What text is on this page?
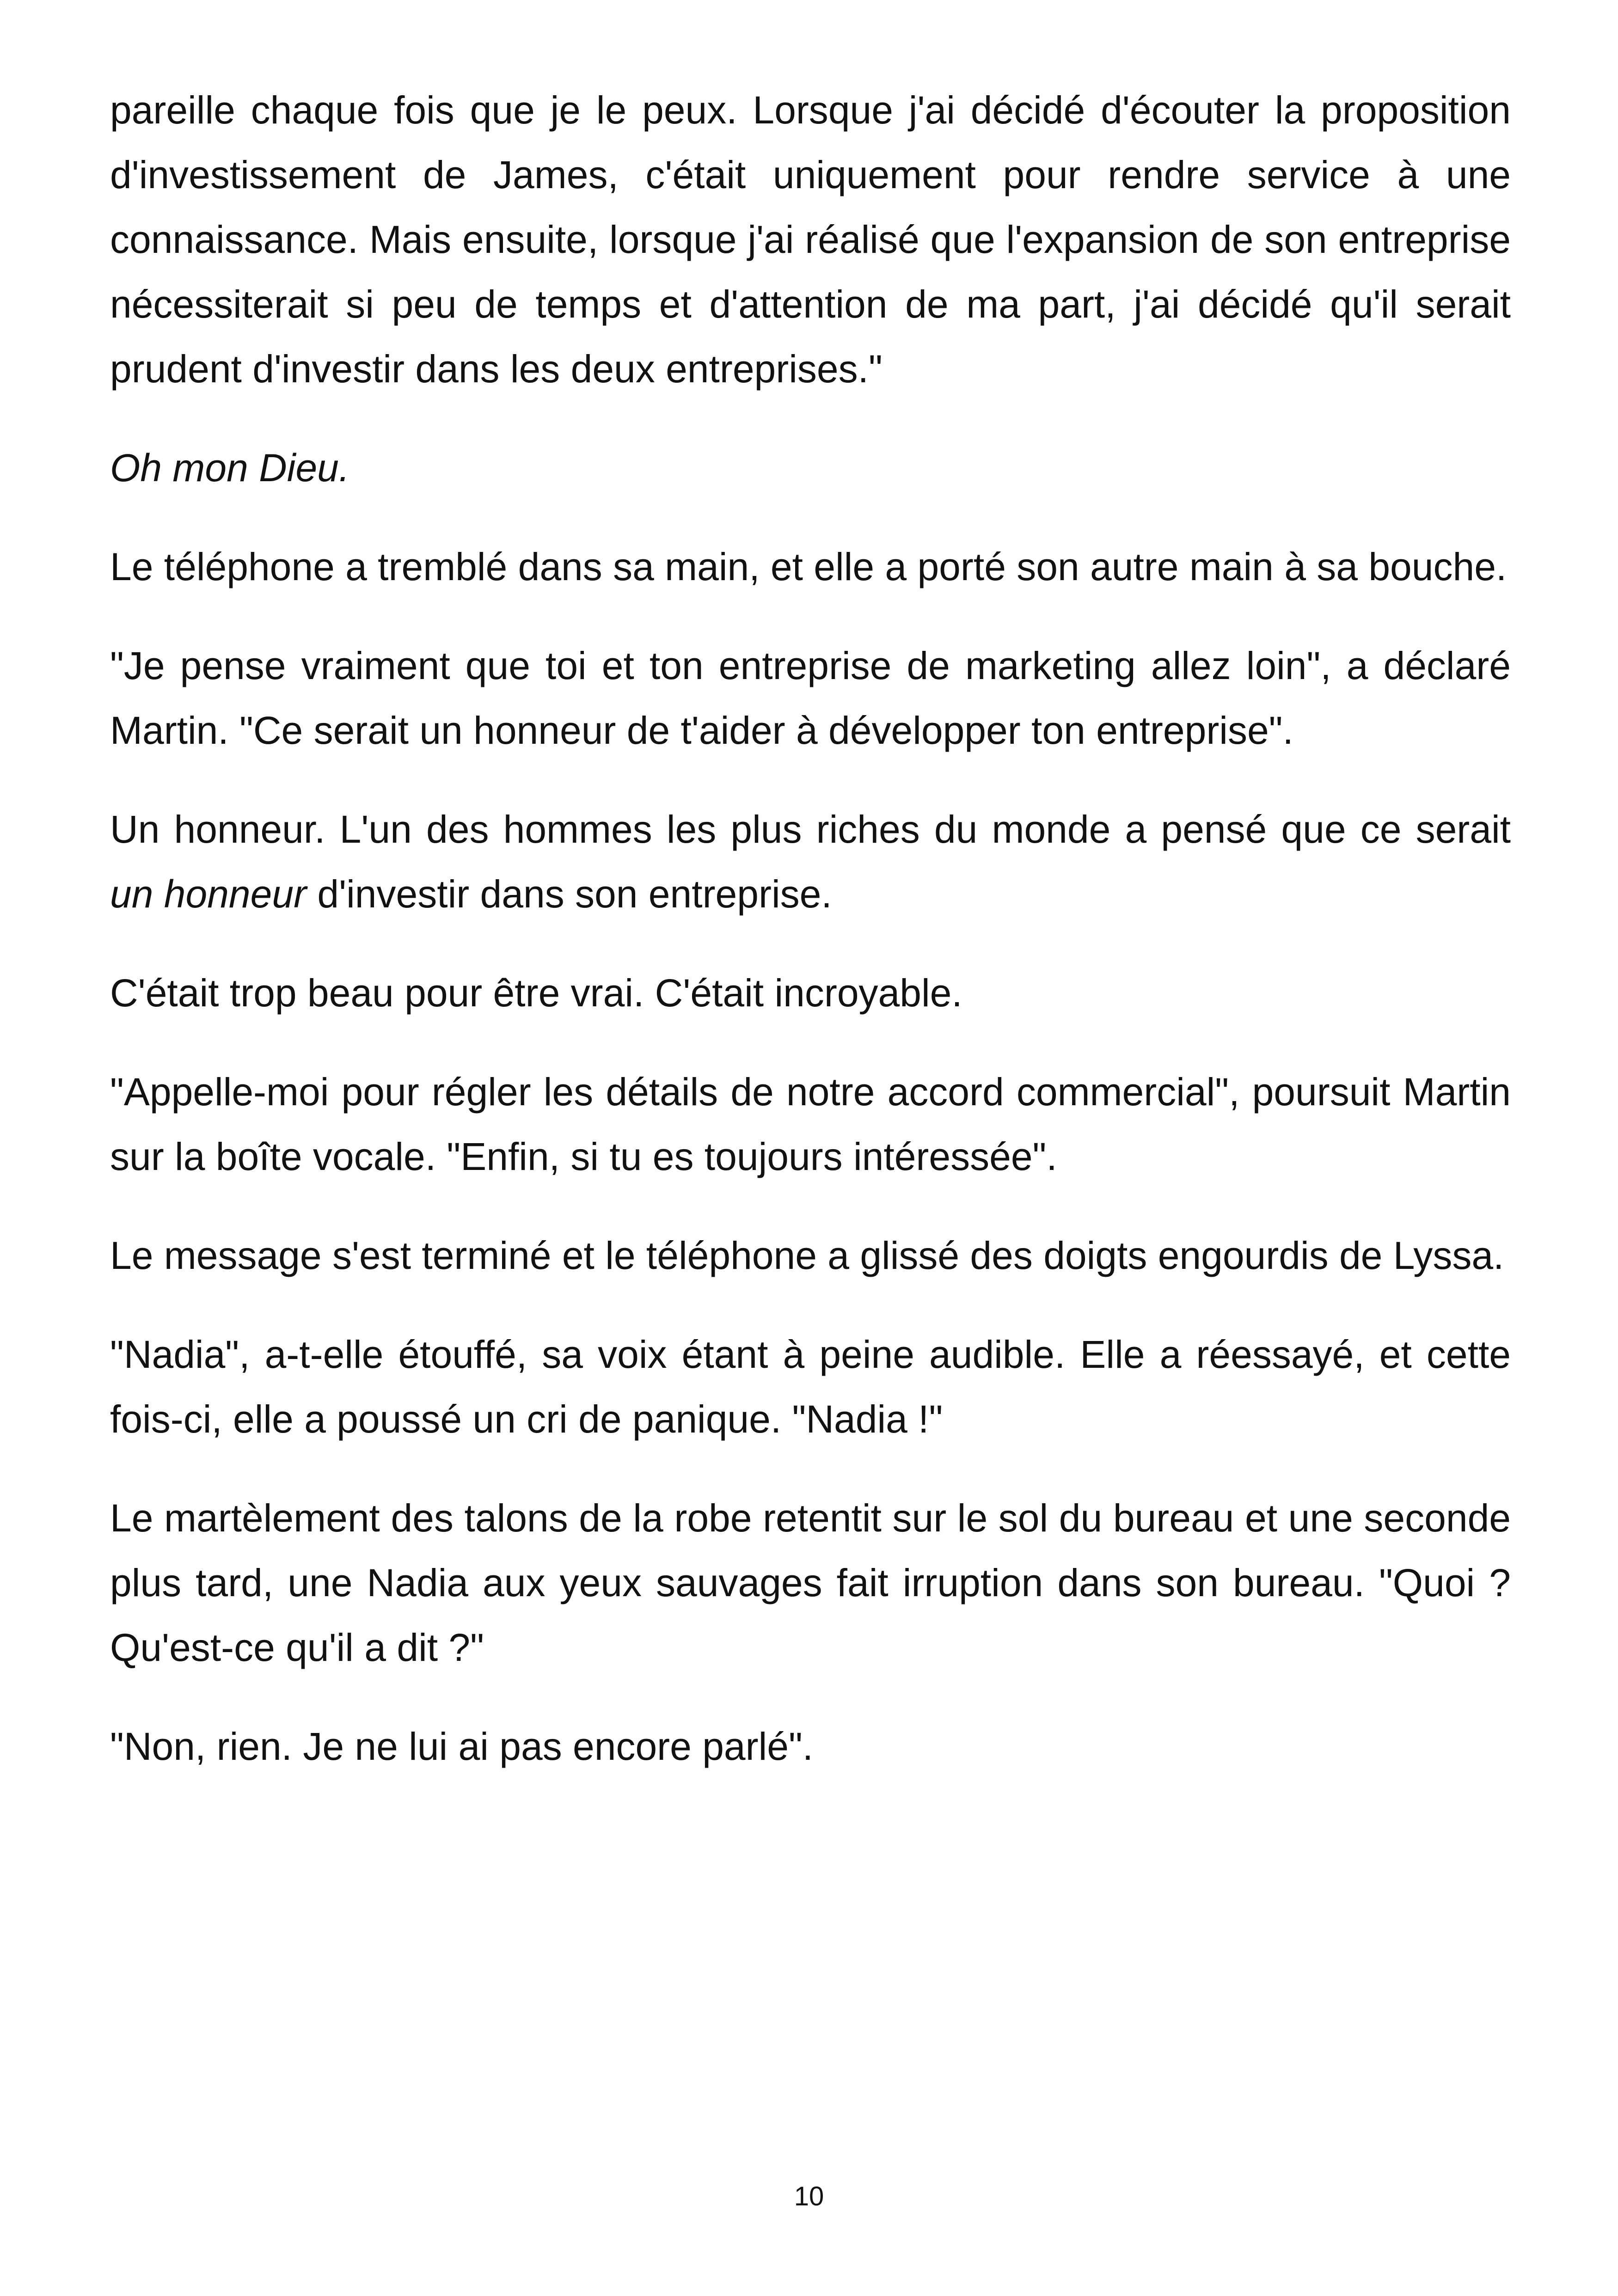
pareille chaque fois que je le peux. Lorsque j'ai décidé d'écouter la proposition d'investissement de James, c'était uniquement pour rendre service à une connaissance. Mais ensuite, lorsque j'ai réalisé que l'expansion de son entreprise nécessiterait si peu de temps et d'attention de ma part, j'ai décidé qu'il serait prudent d'investir dans les deux entreprises."

Oh mon Dieu.

Le téléphone a tremblé dans sa main, et elle a porté son autre main à sa bouche.

"Je pense vraiment que toi et ton entreprise de marketing allez loin", a déclaré Martin. "Ce serait un honneur de t'aider à développer ton entreprise".

Un honneur. L'un des hommes les plus riches du monde a pensé que ce serait un honneur d'investir dans son entreprise.

C'était trop beau pour être vrai. C'était incroyable.

"Appelle-moi pour régler les détails de notre accord commercial", poursuit Martin sur la boîte vocale. "Enfin, si tu es toujours intéressée".

Le message s'est terminé et le téléphone a glissé des doigts engourdis de Lyssa.

"Nadia", a-t-elle étouffé, sa voix étant à peine audible. Elle a réessayé, et cette fois-ci, elle a poussé un cri de panique. "Nadia !"

Le martèlement des talons de la robe retentit sur le sol du bureau et une seconde plus tard, une Nadia aux yeux sauvages fait irruption dans son bureau. "Quoi ? Qu'est-ce qu'il a dit ?"

"Non, rien. Je ne lui ai pas encore parlé".

10
